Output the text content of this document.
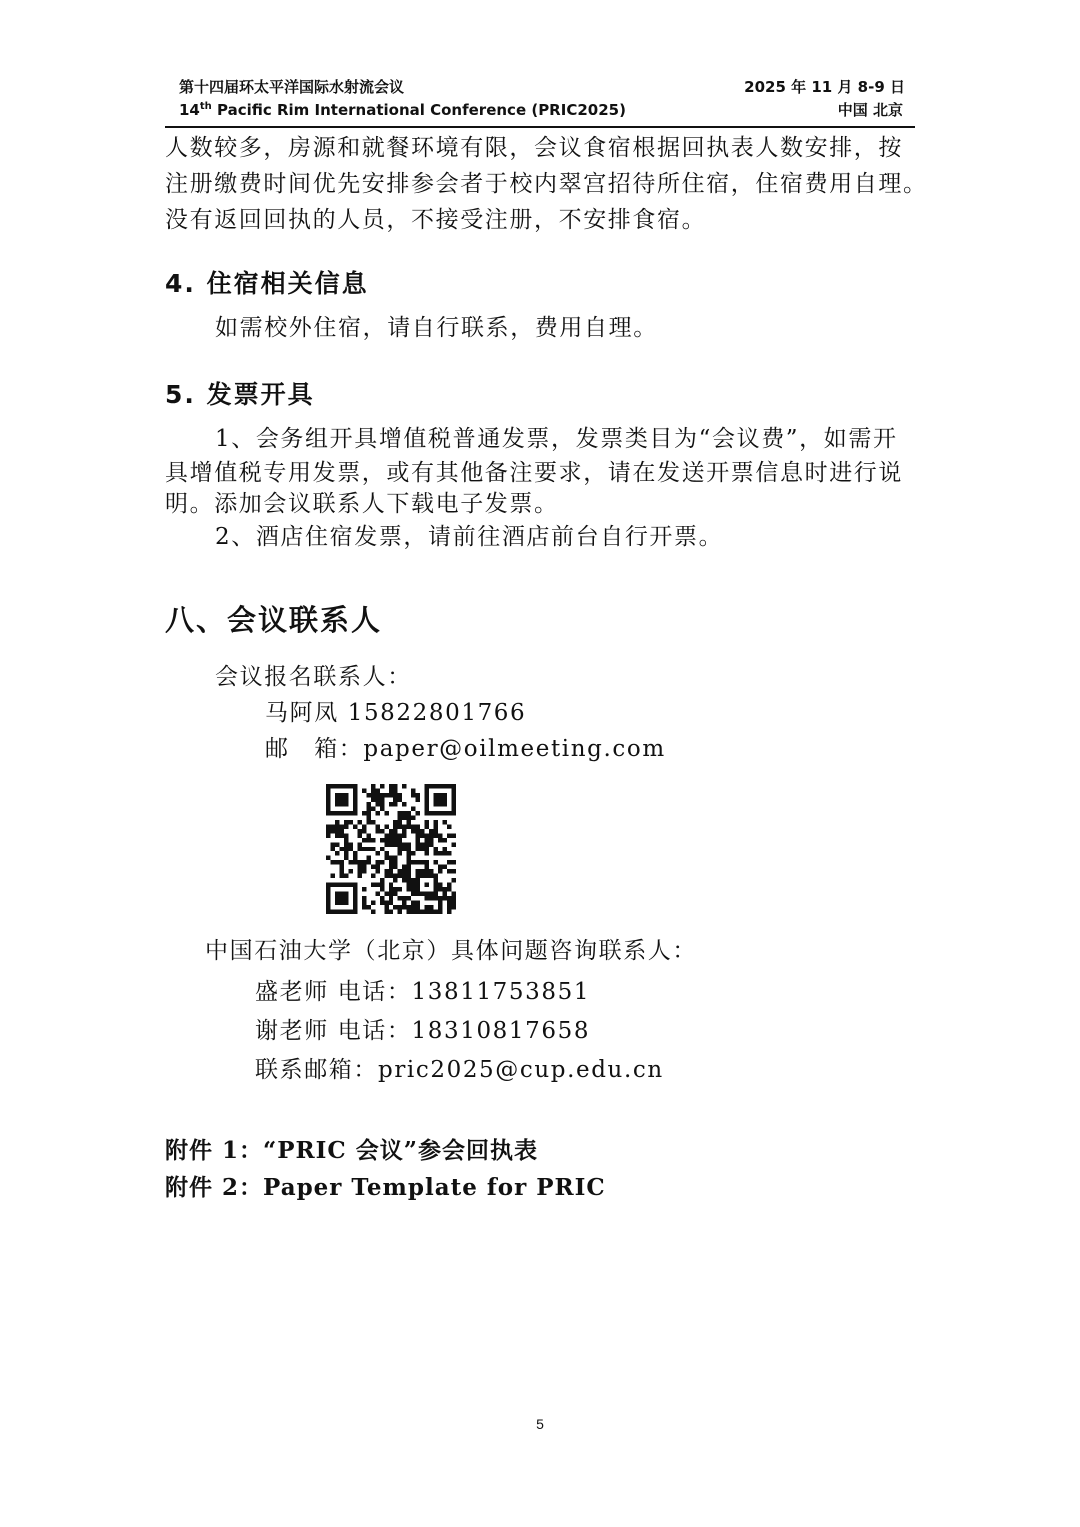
第十四届环太平洋国际水射流会议
14th Pacific Rim International Conference (PRIC2025)
2025 年 11 月 8-9 日
中国 北京
人数较多，房源和就餐环境有限，会议食宿根据回执表人数安排，按
注册缴费时间优先安排参会者于校内翠宫招待所住宿，住宿费用自理。
没有返回回执的人员，不接受注册，不安排食宿。
4. 住宿相关信息
如需校外住宿，请自行联系，费用自理。
5. 发票开具
1、会务组开具增值税普通发票，发票类目为“会议费”，如需开
具增值税专用发票，或有其他备注要求，请在发送开票信息时进行说
明。添加会议联系人下载电子发票。
2、酒店住宿发票，请前往酒店前台自行开票。
八、会议联系人
会议报名联系人：
马阿凤 15822801766
邮　箱：paper@oilmeeting.com
中国石油大学（北京）具体问题咨询联系人：
盛老师 电话：13811753851
谢老师 电话：18310817658
联系邮箱：pric2025@cup.edu.cn
附件 1：“PRIC 会议”参会回执表
附件 2：Paper Template for PRIC
5
